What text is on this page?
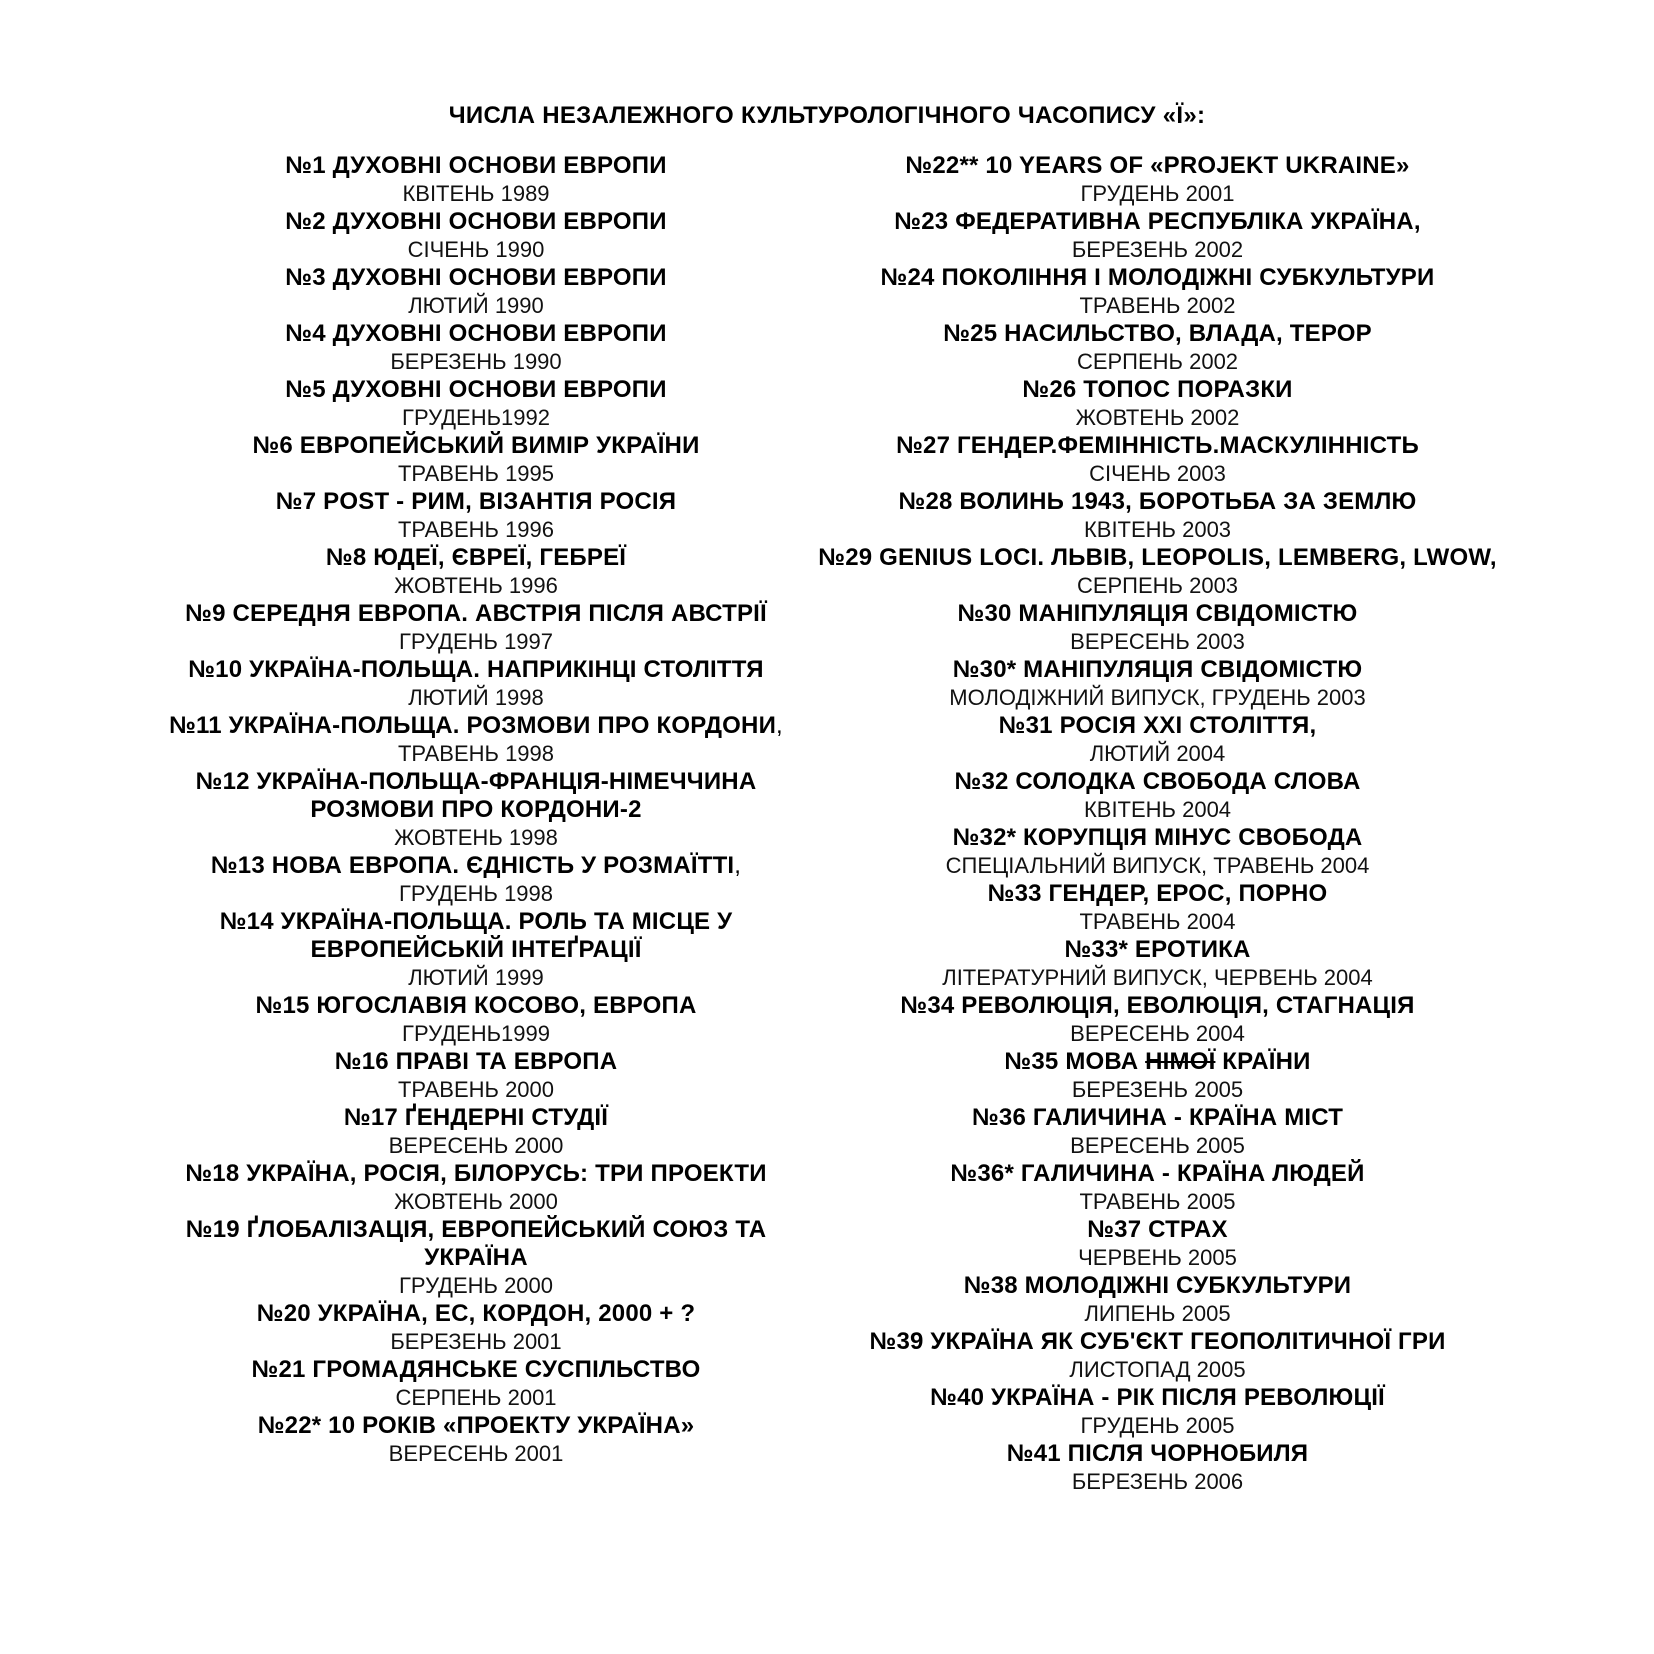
ЧИСЛА НЕЗАЛЕЖНОГО КУЛЬТУРОЛОГІЧНОГО ЧАСОПИСУ «Ї»:
№1 ДУХОВНІ ОСНОВИ ЕВРОПИ
КВІТЕНЬ 1989
№2 ДУХОВНІ ОСНОВИ ЕВРОПИ
СІЧЕНЬ 1990
№3 ДУХОВНІ ОСНОВИ ЕВРОПИ
ЛЮТИЙ 1990
№4 ДУХОВНІ ОСНОВИ ЕВРОПИ
БЕРЕЗЕНЬ 1990
№5 ДУХОВНІ ОСНОВИ ЕВРОПИ
ГРУДЕНЬ1992
№6 ЕВРОПЕЙСЬКИЙ ВИМІР УКРАЇНИ
ТРАВЕНЬ 1995
№7 POST - РИМ, ВІЗАНТІЯ РОСІЯ
ТРАВЕНЬ 1996
№8 ЮДЕЇ, ЄВРЕЇ, ГЕБРЕЇ
ЖОВТЕНЬ 1996
№9 СЕРЕДНЯ ЕВРОПА. АВСТРІЯ ПІСЛЯ АВСТРІЇ
ГРУДЕНЬ 1997
№10 УКРАЇНА-ПОЛЬЩА. НАПРИКІНЦІ СТОЛІТТЯ
ЛЮТИЙ 1998
№11 УКРАЇНА-ПОЛЬЩА. РОЗМОВИ ПРО КОРДОНИ,
ТРАВЕНЬ 1998
№12 УКРАЇНА-ПОЛЬЩА-ФРАНЦІЯ-НІМЕЧЧИНА РОЗМОВИ ПРО КОРДОНИ-2
ЖОВТЕНЬ 1998
№13 НОВА ЕВРОПА. ЄДНІСТЬ У РОЗМАЇТТІ,
ГРУДЕНЬ 1998
№14 УКРАЇНА-ПОЛЬЩА. РОЛЬ ТА МІСЦЕ У ЕВРОПЕЙСЬКІЙ ІНТЕҐРАЦІЇ
ЛЮТИЙ 1999
№15 ЮГОСЛАВІЯ КОСОВО, ЕВРОПА
ГРУДЕНЬ1999
№16 ПРАВІ ТА ЕВРОПА
ТРАВЕНЬ 2000
№17 ҐЕНДЕРНІ СТУДІЇ
ВЕРЕСЕНЬ 2000
№18 УКРАЇНА, РОСІЯ, БІЛОРУСЬ: ТРИ ПРОЕКТИ
ЖОВТЕНЬ 2000
№19 ҐЛОБАЛІЗАЦІЯ, ЕВРОПЕЙСЬКИЙ СОЮЗ ТА УКРАЇНА
ГРУДЕНЬ 2000
№20 УКРАЇНА, ЕС, КОРДОН, 2000 + ?
БЕРЕЗЕНЬ 2001
№21 ГРОМАДЯНСЬКЕ СУСПІЛЬСТВО
СЕРПЕНЬ 2001
№22* 10 РОКІВ «ПРОЕКТУ УКРАЇНА»
ВЕРЕСЕНЬ 2001
№22** 10 YEARS OF «PROJEKT UKRAINE»
ГРУДЕНЬ 2001
№23 ФЕДЕРАТИВНА РЕСПУБЛІКА УКРАЇНА,
БЕРЕЗЕНЬ 2002
№24 ПОКОЛІННЯ І МОЛОДІЖНІ СУБКУЛЬТУРИ
ТРАВЕНЬ 2002
№25 НАСИЛЬСТВО, ВЛАДА, ТЕРОР
СЕРПЕНЬ 2002
№26 ТОПОС ПОРАЗКИ
ЖОВТЕНЬ 2002
№27 ГЕНДЕР.ФЕМІННІСТЬ.МАСКУЛІННІСТЬ
СІЧЕНЬ 2003
№28 ВОЛИНЬ 1943, БОРОТЬБА ЗА ЗЕМЛЮ
КВІТЕНЬ 2003
№29 GENIUS LOCI. ЛЬВІВ, LEOPOLIS, LEMBERG, LWOW,
СЕРПЕНЬ 2003
№30 МАНІПУЛЯЦІЯ СВІДОМІСТЮ
ВЕРЕСЕНЬ 2003
№30* МАНІПУЛЯЦІЯ СВІДОМІСТЮ
МОЛОДІЖНИЙ ВИПУСК, ГРУДЕНЬ 2003
№31 РОСІЯ XXI СТОЛІТТЯ,
ЛЮТИЙ 2004
№32 СОЛОДКА СВОБОДА СЛОВА
КВІТЕНЬ 2004
№32* КОРУПЦІЯ МІНУС СВОБОДА
СПЕЦІАЛЬНИЙ ВИПУСК, ТРАВЕНЬ 2004
№33 ГЕНДЕР, ЕРОС, ПОРНО
ТРАВЕНЬ 2004
№33* ЕРОТИКА
ЛІТЕРАТУРНИЙ ВИПУСК, ЧЕРВЕНЬ 2004
№34 РЕВОЛЮЦІЯ, ЕВОЛЮЦІЯ, СТАГНАЦІЯ
ВЕРЕСЕНЬ 2004
№35 МОВА НІМОЇ КРАЇНИ
БЕРЕЗЕНЬ 2005
№36 ГАЛИЧИНА - КРАЇНА МІСТ
ВЕРЕСЕНЬ 2005
№36* ГАЛИЧИНА - КРАЇНА ЛЮДЕЙ
ТРАВЕНЬ 2005
№37 СТРАХ
ЧЕРВЕНЬ 2005
№38 МОЛОДІЖНІ СУБКУЛЬТУРИ
ЛИПЕНЬ 2005
№39 УКРАЇНА ЯК СУБ'ЄКТ ГЕОПОЛІТИЧНОЇ ГРИ
ЛИСТОПАД 2005
№40 УКРАЇНА - РІК ПІСЛЯ РЕВОЛЮЦІЇ
ГРУДЕНЬ 2005
№41 ПІСЛЯ ЧОРНОБИЛЯ
БЕРЕЗЕНЬ 2006
